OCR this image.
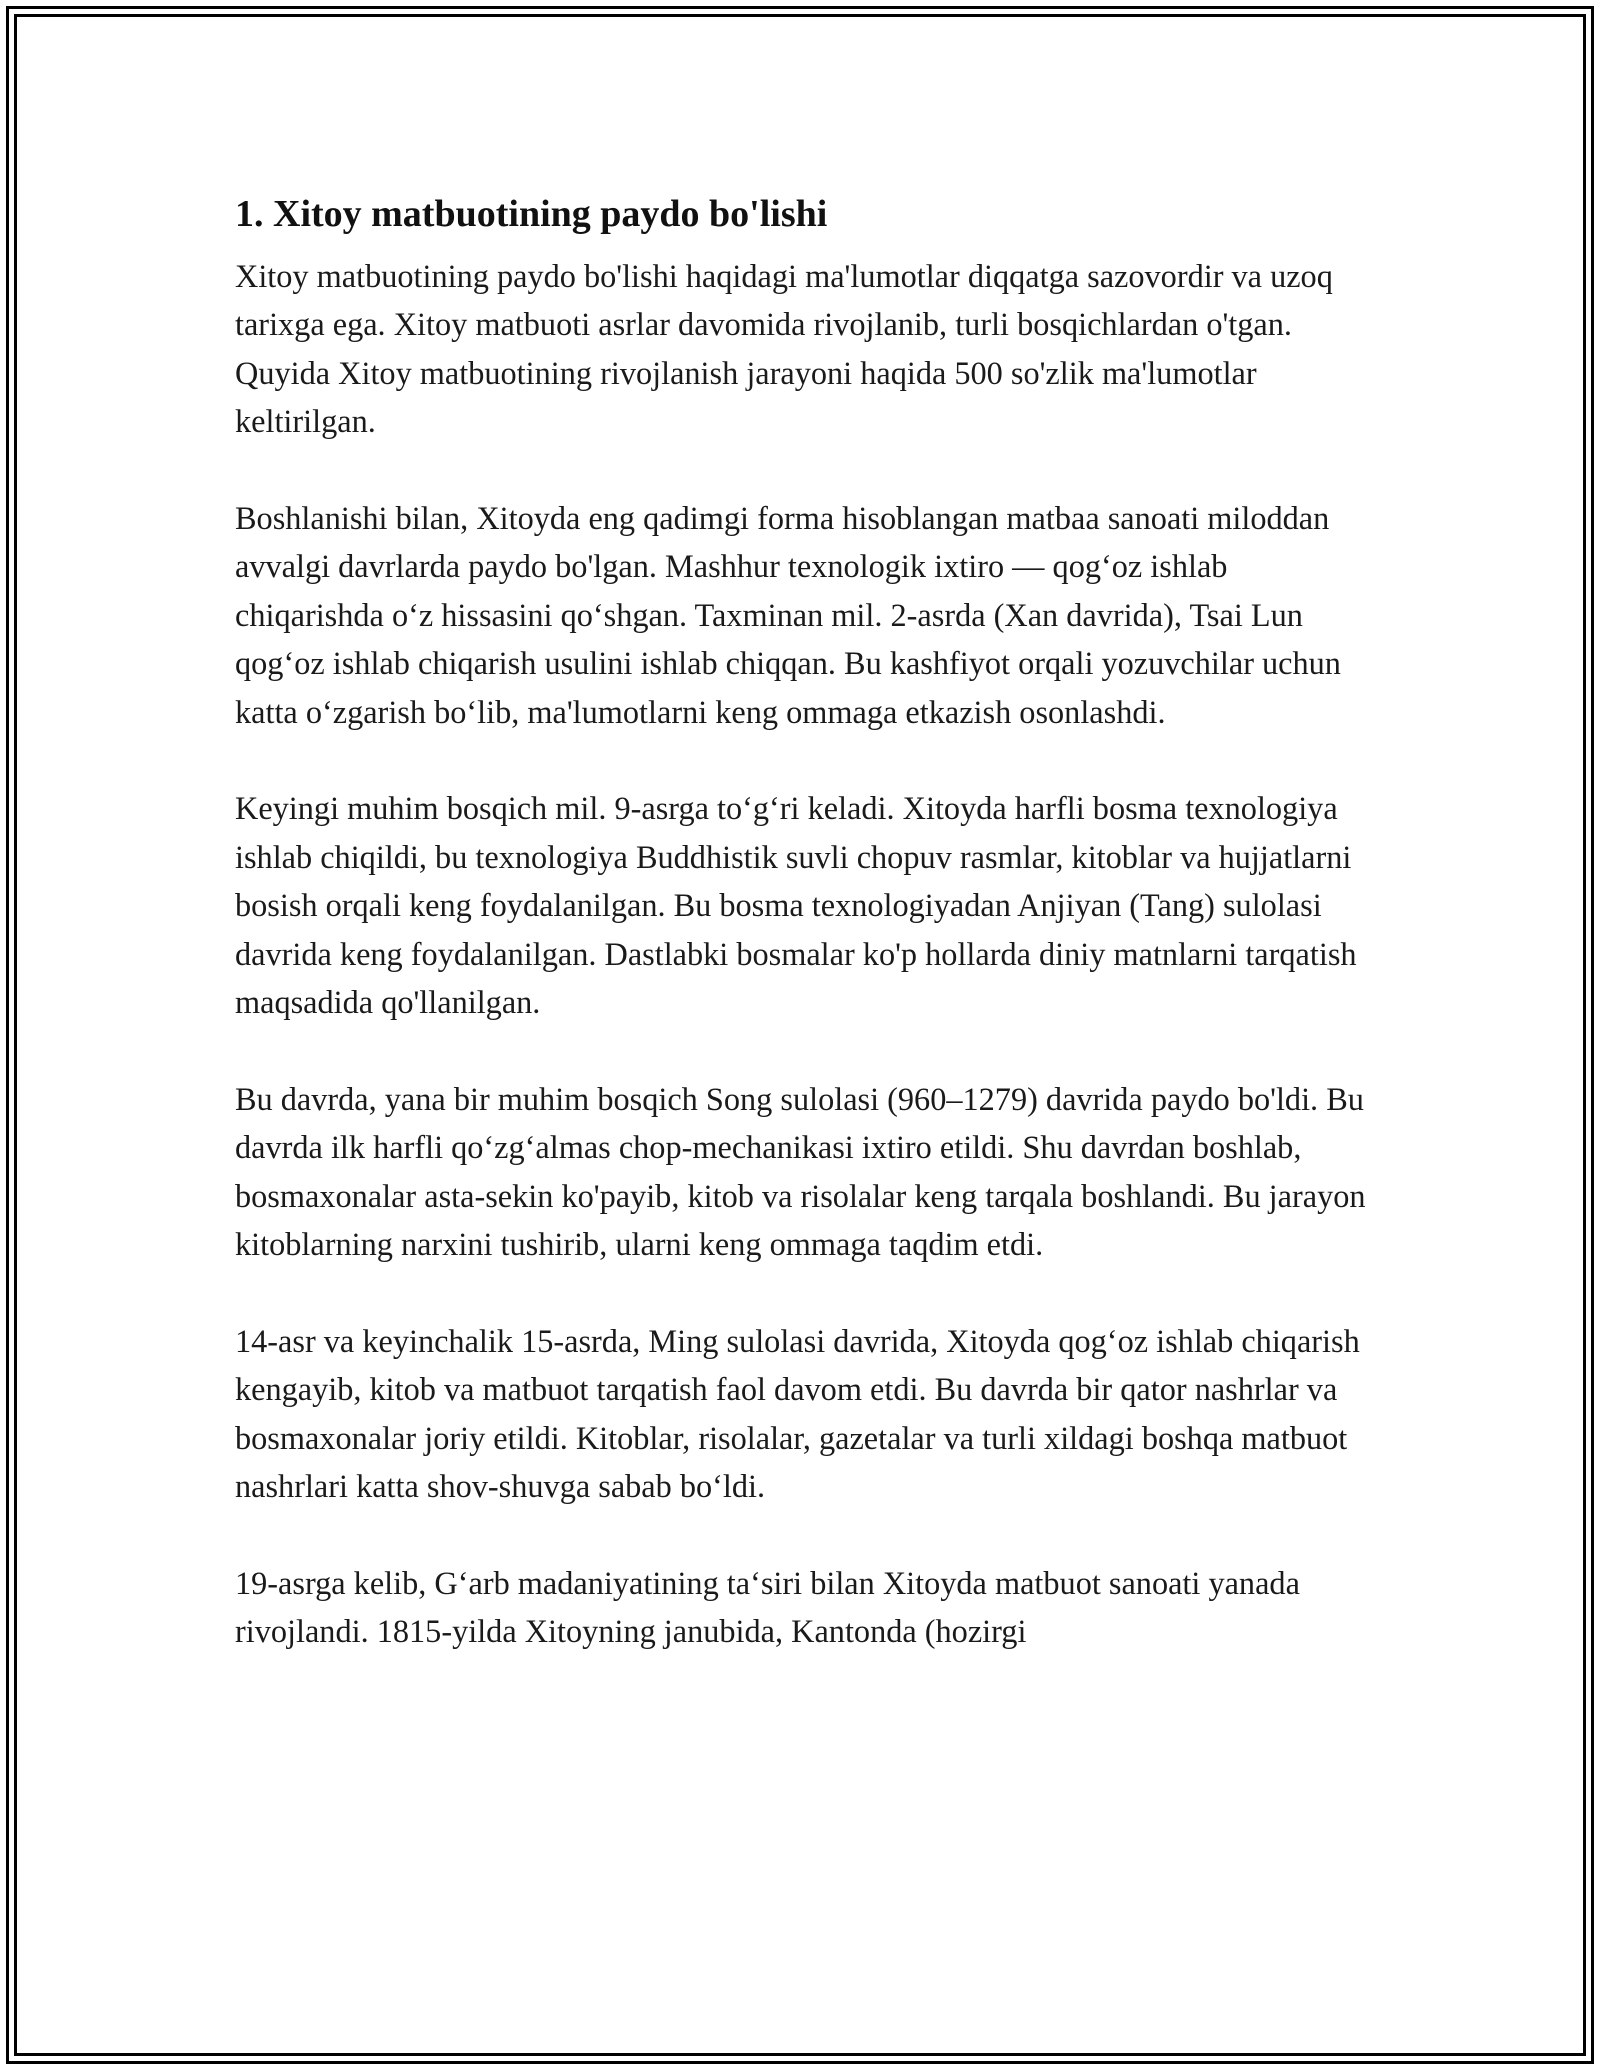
1. Xitoy matbuotining paydo bo'lishi

Xitoy matbuotining paydo bo'lishi haqidagi ma'lumotlar diqqatga sazovordir va uzoq tarixga ega. Xitoy matbuoti asrlar davomida rivojlanib, turli bosqichlardan o'tgan. Quyida Xitoy matbuotining rivojlanish jarayoni haqida 500 so'zlik ma'lumotlar keltirilgan.

Boshlanishi bilan, Xitoyda eng qadimgi forma hisoblangan matbaa sanoati miloddan avvalgi davrlarda paydo bo'lgan. Mashhur texnologik ixtiro — qog‘oz ishlab chiqarishda o‘z hissasini qo‘shgan. Taxminan mil. 2-asrda (Xan davrida), Tsai Lun qog‘oz ishlab chiqarish usulini ishlab chiqqan. Bu kashfiyot orqali yozuvchilar uchun katta o‘zgarish bo‘lib, ma'lumotlarni keng ommaga etkazish osonlashdi.

Keyingi muhim bosqich mil. 9-asrga to‘g‘ri keladi. Xitoyda harfli bosma texnologiya ishlab chiqildi, bu texnologiya Buddhistik suvli chopuv rasmlar, kitoblar va hujjatlarni bosish orqali keng foydalanilgan. Bu bosma texnologiyadan Anjiyan (Tang) sulolasi davrida keng foydalanilgan. Dastlabki bosmalar ko'p hollarda diniy matnlarni tarqatish maqsadida qo'llanilgan.

Bu davrda, yana bir muhim bosqich Song sulolasi (960–1279) davrida paydo bo'ldi. Bu davrda ilk harfli qo‘zg‘almas chop-mechanikasi ixtiro etildi. Shu davrdan boshlab, bosmaxonalar asta-sekin ko'payib, kitob va risolalar keng tarqala boshlandi. Bu jarayon kitoblarning narxini tushirib, ularni keng ommaga taqdim etdi.

14-asr va keyinchalik 15-asrda, Ming sulolasi davrida, Xitoyda qog‘oz ishlab chiqarish kengayib, kitob va matbuot tarqatish faol davom etdi. Bu davrda bir qator nashrlar va bosmaxonalar joriy etildi. Kitoblar, risolalar, gazetalar va turli xildagi boshqa matbuot nashrlari katta shov-shuvga sabab bo‘ldi.

19-asrga kelib, G‘arb madaniyatining ta‘siri bilan Xitoyda matbuot sanoati yanada rivojlandi. 1815-yilda Xitoyning janubida, Kantonda (hozirgi
